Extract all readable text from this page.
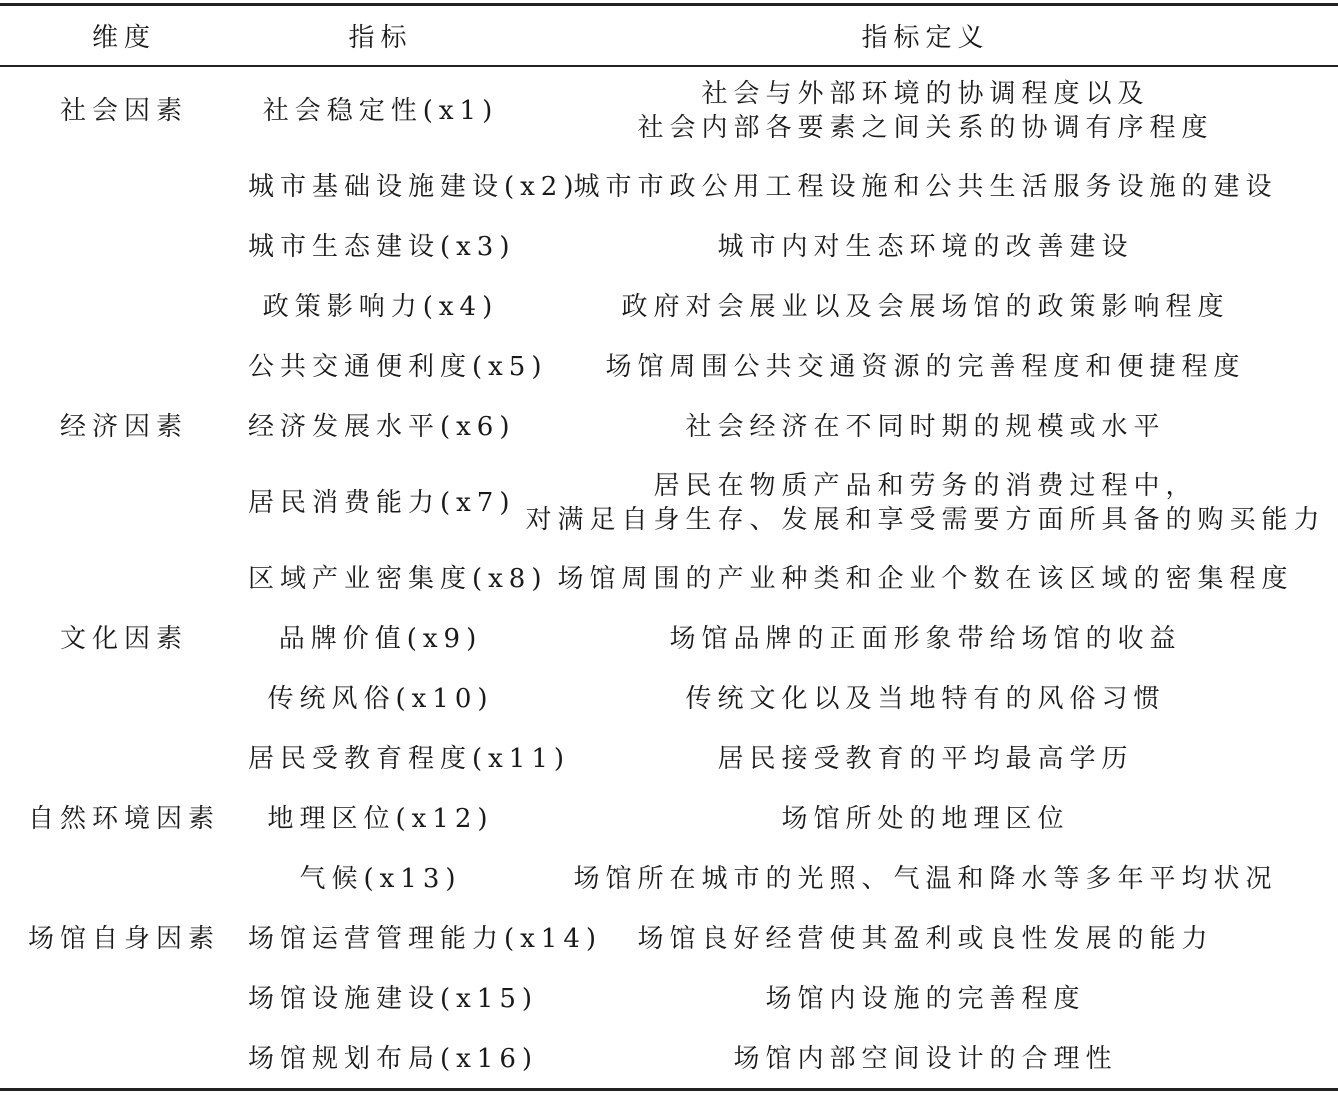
维度	指标	指标定义
社会因素	社会稳定性(x1)	社会与外部环境的协调程度以及
社会内部各要素之间关系的协调有序程度

	城市基础设施建设(x2)	城市市政公用工程设施和公共生活服务设施的建设
	城市生态建设(x3)	城市内对生态环境的改善建设
	政策影响力(x4)	政府对会展业以及会展场馆的政策影响程度
	公共交通便利度(x5)	场馆周围公共交通资源的完善程度和便捷程度
经济因素	经济发展水平(x6)	社会经济在不同时期的规模或水平
	居民消费能力(x7)	居民在物质产品和劳务的消费过程中，
对满足自身生存、发展和享受需要方面所具备的购买能力

	区域产业密集度(x8)	场馆周围的产业种类和企业个数在该区域的密集程度
文化因素	品牌价值(x9)	场馆品牌的正面形象带给场馆的收益
	传统风俗(x10)	传统文化以及当地特有的风俗习惯
	居民受教育程度(x11)	居民接受教育的平均最高学历
自然环境因素	地理区位(x12)	场馆所处的地理区位
	气候(x13)	场馆所在城市的光照、气温和降水等多年平均状况
场馆自身因素	场馆运营管理能力(x14)	场馆良好经营使其盈利或良性发展的能力
	场馆设施建设(x15)	场馆内设施的完善程度
	场馆规划布局(x16)	场馆内部空间设计的合理性
